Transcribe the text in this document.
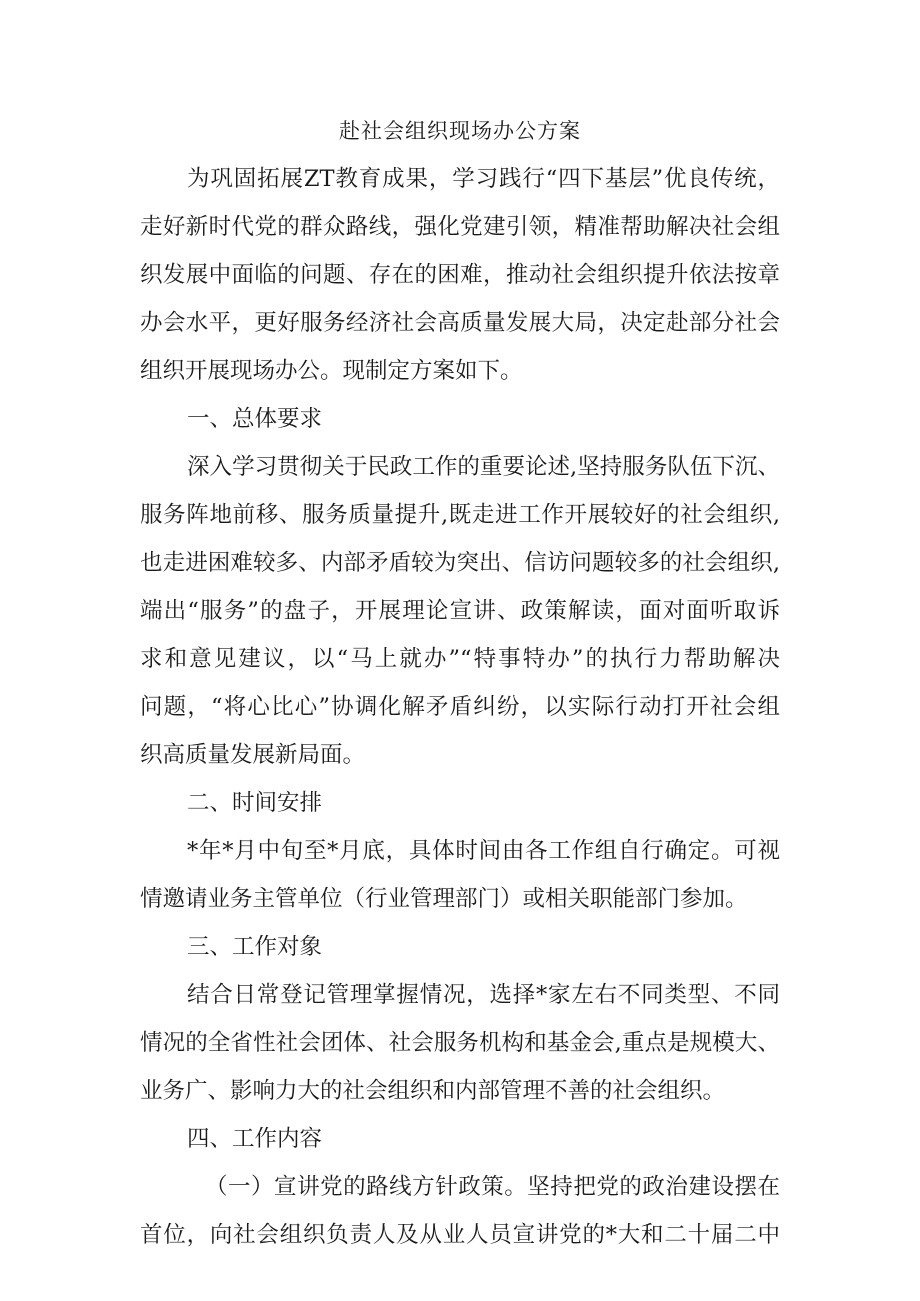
赴社会组织现场办公方案
为巩固拓展ZT教育成果，学习践行“四下基层”优良传统，
走好新时代党的群众路线，强化党建引领，精准帮助解决社会组
织发展中面临的问题、存在的困难，推动社会组织提升依法按章
办会水平，更好服务经济社会高质量发展大局，决定赴部分社会
组织开展现场办公。现制定方案如下。
一、总体要求
深入学习贯彻关于民政工作的重要论述,坚持服务队伍下沉、
服务阵地前移、服务质量提升,既走进工作开展较好的社会组织,
也走进困难较多、内部矛盾较为突出、信访问题较多的社会组织,
端出“服务”的盘子，开展理论宣讲、政策解读，面对面听取诉
求和意见建议，以“马上就办”“特事特办”的执行力帮助解决
问题，“将心比心”协调化解矛盾纠纷，以实际行动打开社会组
织高质量发展新局面。
二、时间安排
*年*月中旬至*月底，具体时间由各工作组自行确定。可视
情邀请业务主管单位（行业管理部门）或相关职能部门参加。
三、工作对象
结合日常登记管理掌握情况，选择*家左右不同类型、不同
情况的全省性社会团体、社会服务机构和基金会,重点是规模大、
业务广、影响力大的社会组织和内部管理不善的社会组织。
四、工作内容
（一）宣讲党的路线方针政策。坚持把党的政治建设摆在
首位，向社会组织负责人及从业人员宣讲党的*大和二十届二中
